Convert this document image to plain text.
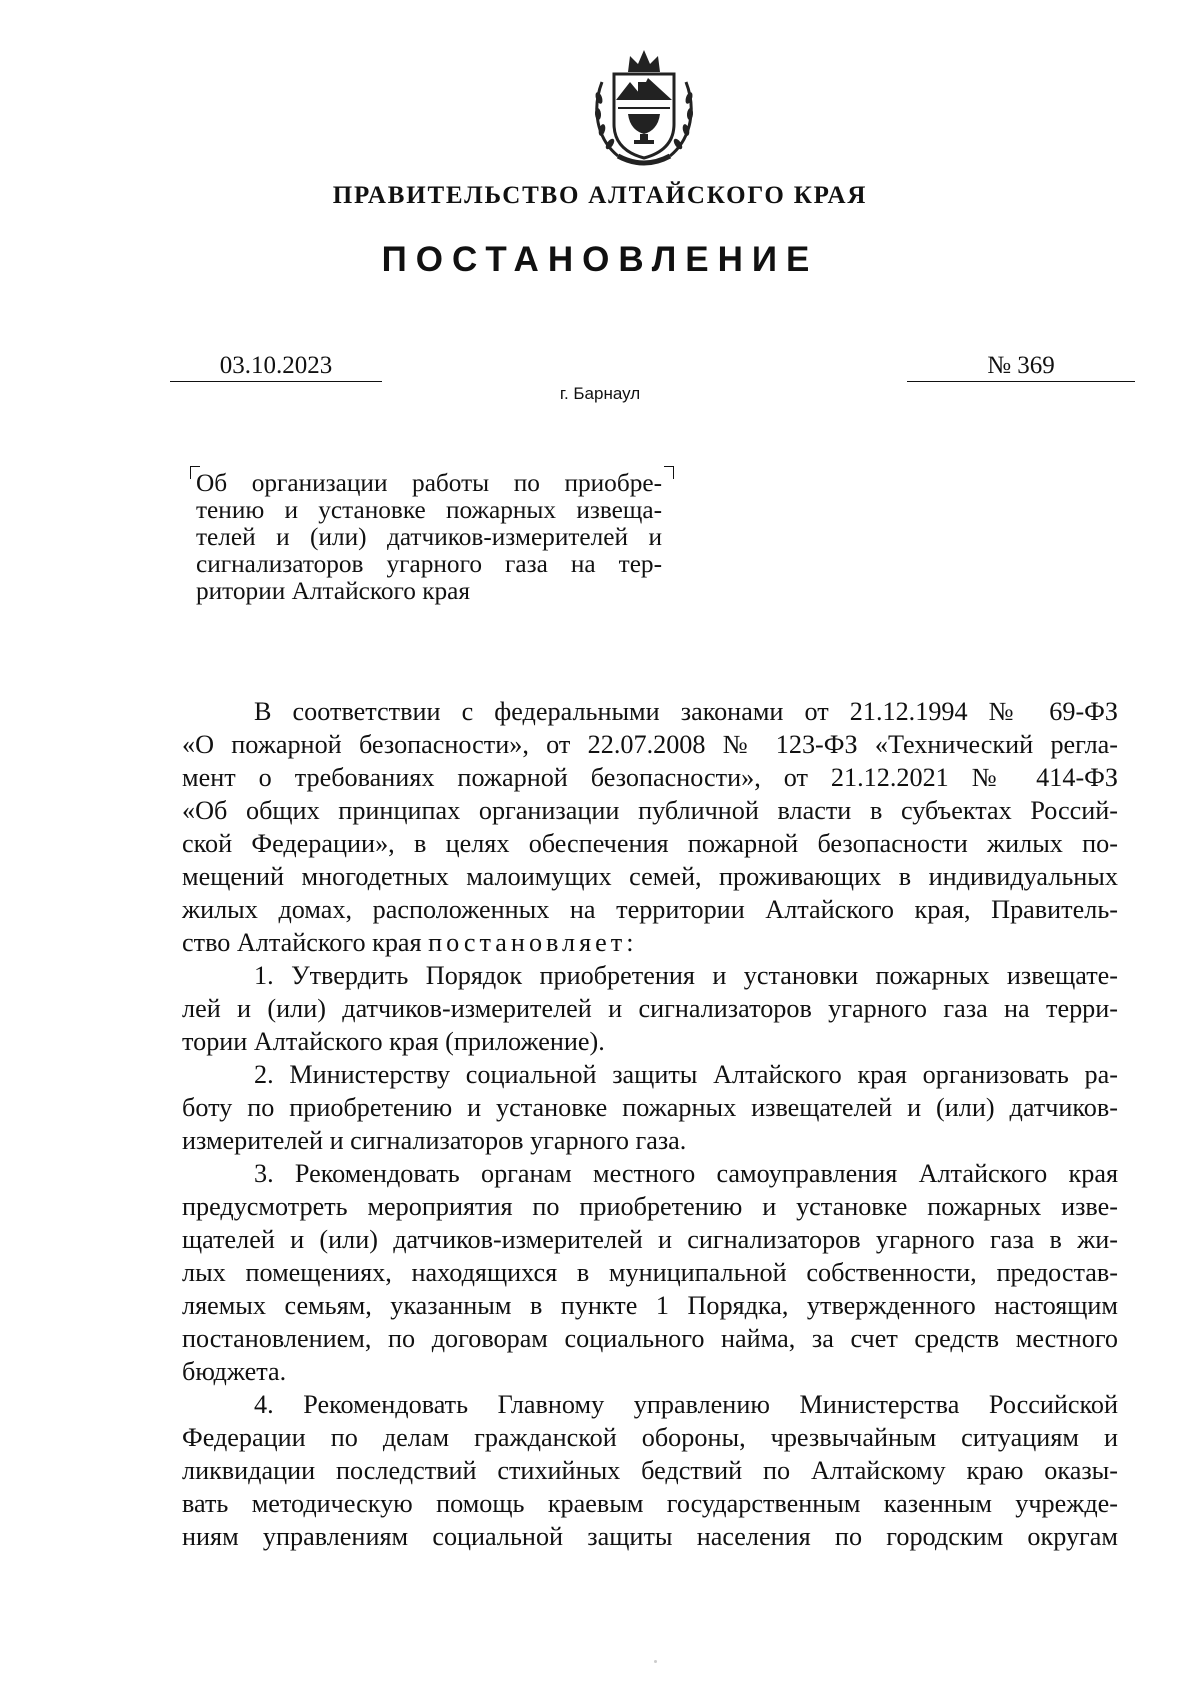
ПРАВИТЕЛЬСТВО АЛТАЙСКОГО КРАЯ
ПОСТАНОВЛЕНИЕ
03.10.2023	№ 369
г. Барнаул
Об организации работы по приобре-
тению и установке пожарных извеща-
телей и (или) датчиков-измерителей и
сигнализаторов угарного газа на тер-
ритории Алтайского края
В соответствии с федеральными законами от 21.12.1994 № 69-ФЗ
«О пожарной безопасности», от 22.07.2008 № 123-ФЗ «Технический регла-
мент о требованиях пожарной безопасности», от 21.12.2021 № 414-ФЗ
«Об общих принципах организации публичной власти в субъектах Россий-
ской Федерации», в целях обеспечения пожарной безопасности жилых по-
мещений многодетных малоимущих семей, проживающих в индивидуальных
жилых домах, расположенных на территории Алтайского края, Правитель-
ство Алтайского края постановляет:
1. Утвердить Порядок приобретения и установки пожарных извещате-
лей и (или) датчиков-измерителей и сигнализаторов угарного газа на терри-
тории Алтайского края (приложение).
2. Министерству социальной защиты Алтайского края организовать ра-
боту по приобретению и установке пожарных извещателей и (или) датчиков-
измерителей и сигнализаторов угарного газа.
3. Рекомендовать органам местного самоуправления Алтайского края
предусмотреть мероприятия по приобретению и установке пожарных изве-
щателей и (или) датчиков-измерителей и сигнализаторов угарного газа в жи-
лых помещениях, находящихся в муниципальной собственности, предостав-
ляемых семьям, указанным в пункте 1 Порядка, утвержденного настоящим
постановлением, по договорам социального найма, за счет средств местного
бюджета.
4. Рекомендовать Главному управлению Министерства Российской
Федерации по делам гражданской обороны, чрезвычайным ситуациям и
ликвидации последствий стихийных бедствий по Алтайскому краю оказы-
вать методическую помощь краевым государственным казенным учрежде-
ниям управлениям социальной защиты населения по городским округам
